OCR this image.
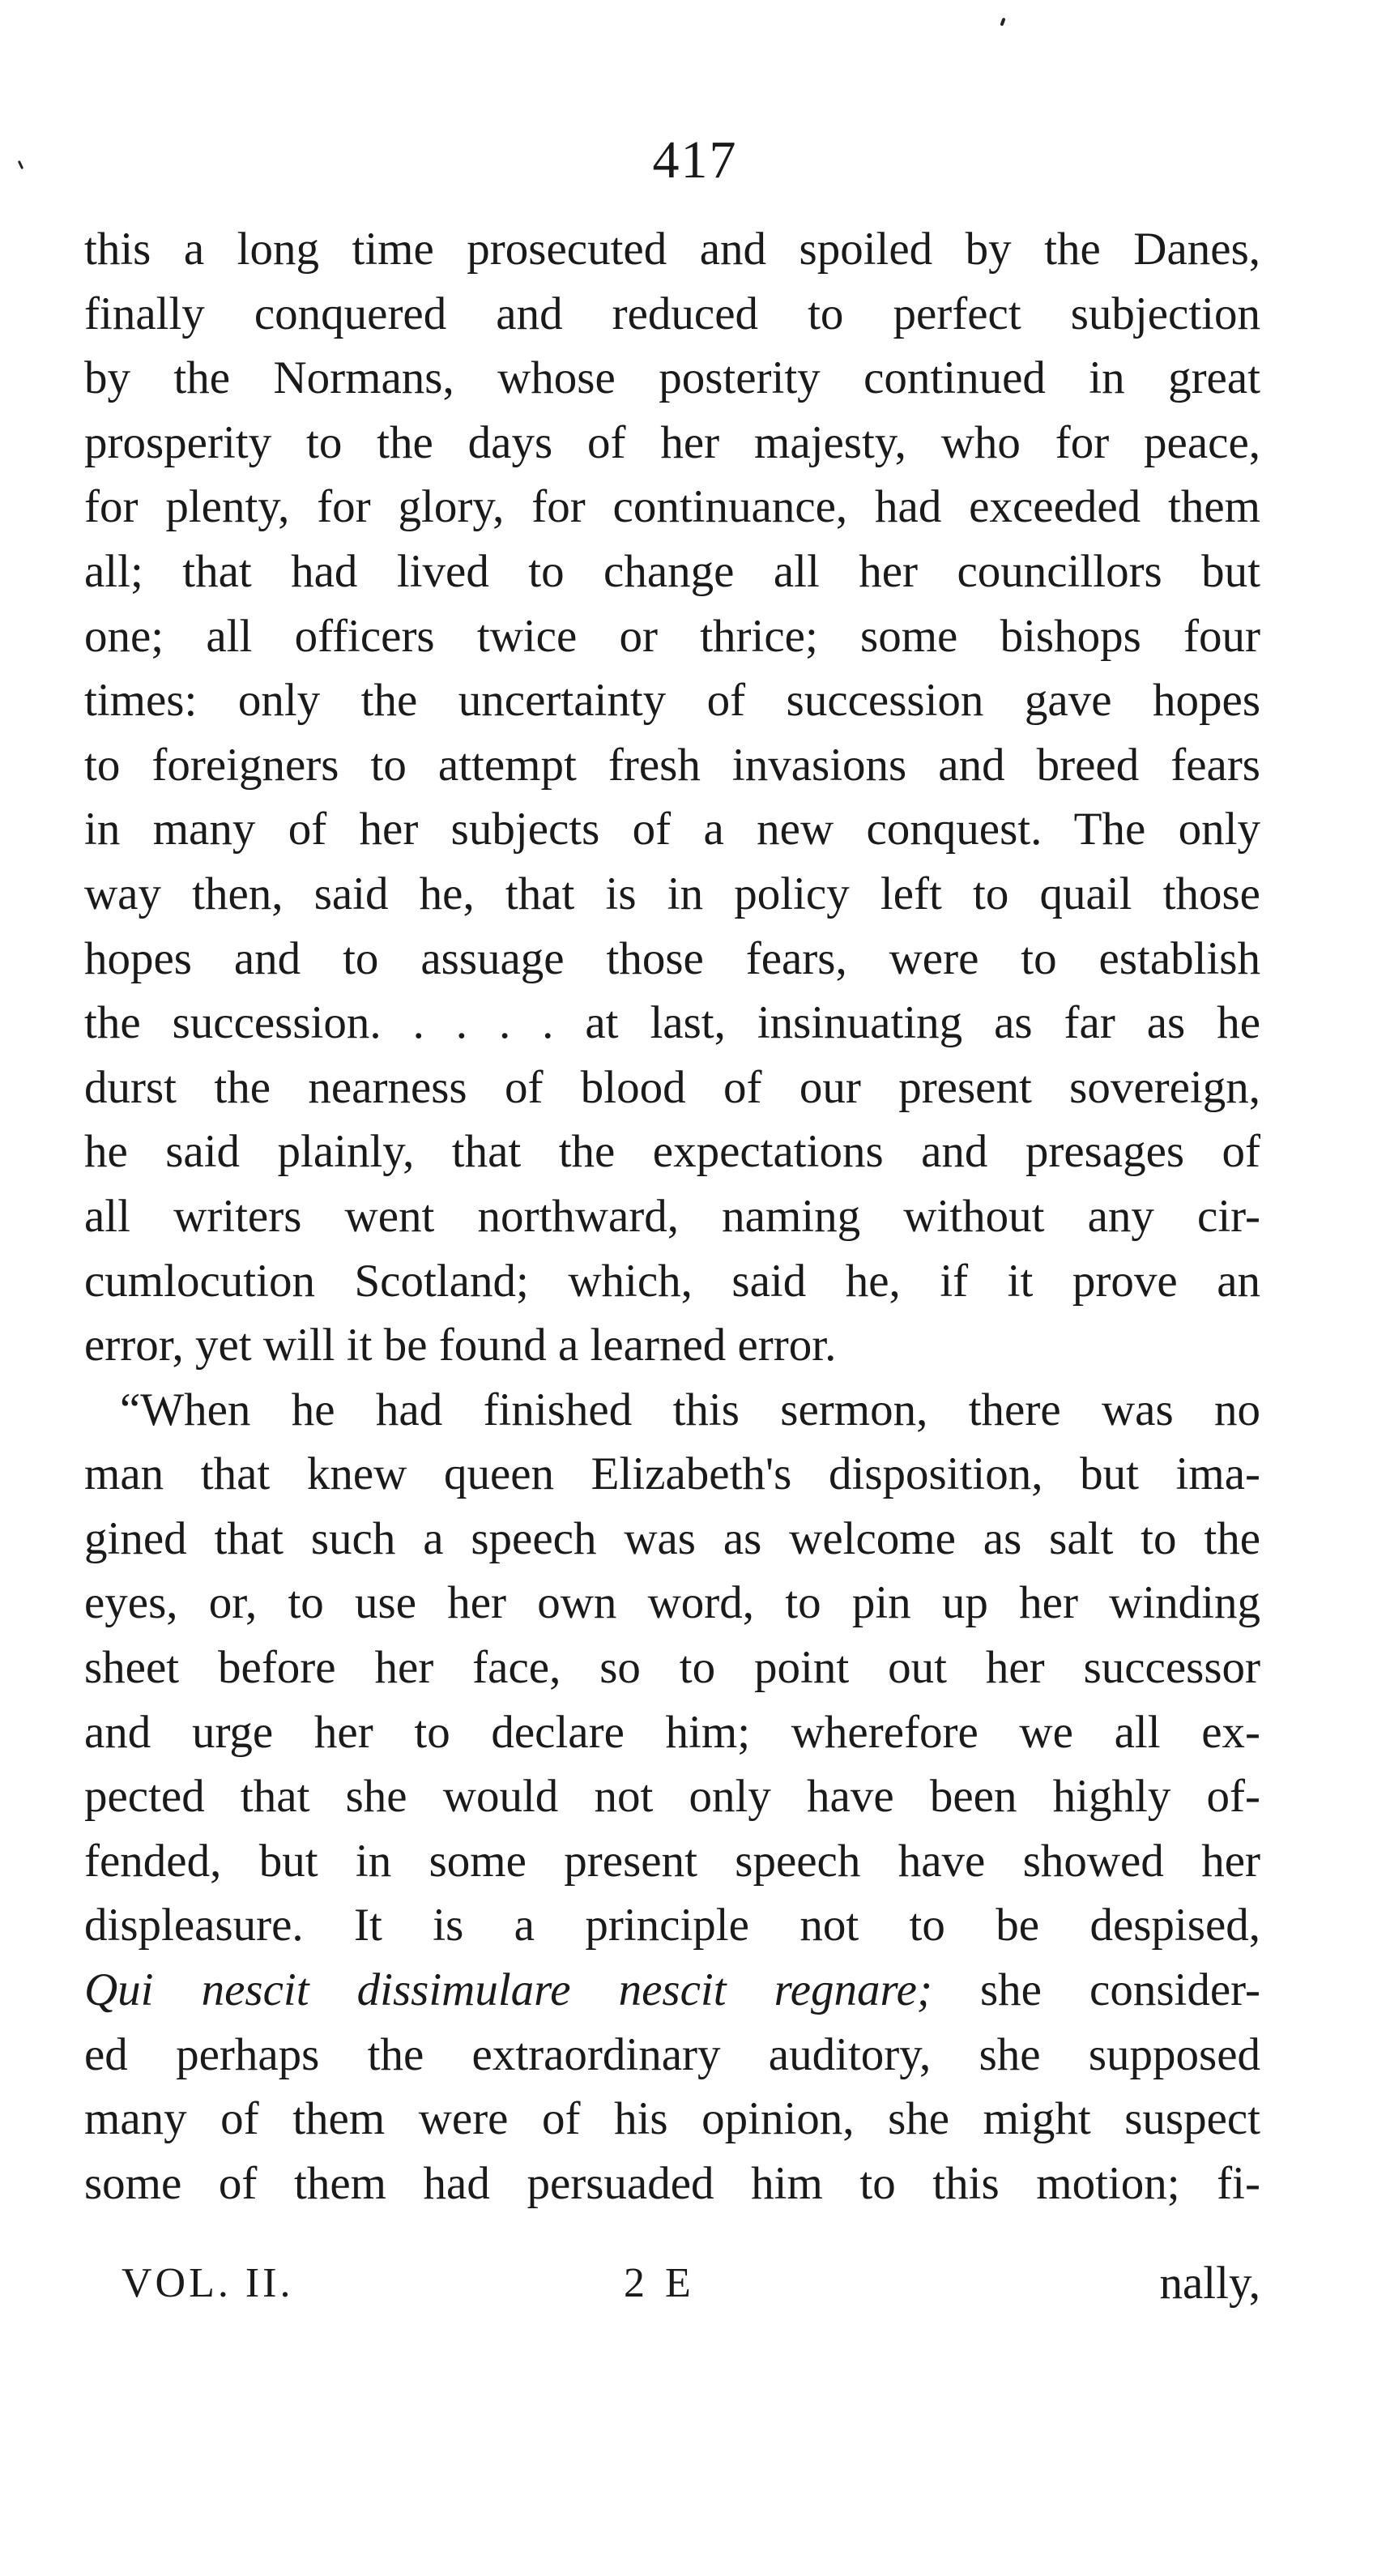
417
this a long time prosecuted and spoiled by the Danes,
finally conquered and reduced to perfect subjection
by the Normans, whose posterity continued in great
prosperity to the days of her majesty, who for peace,
for plenty, for glory, for continuance, had exceeded them
all; that had lived to change all her councillors but
one; all officers twice or thrice; some bishops four
times: only the uncertainty of succession gave hopes
to foreigners to attempt fresh invasions and breed fears
in many of her subjects of a new conquest. The only
way then, said he, that is in policy left to quail those
hopes and to assuage those fears, were to establish
the succession. . . . . at last, insinuating as far as he
durst the nearness of blood of our present sovereign,
he said plainly, that the expectations and presages of
all writers went northward, naming without any cir-
cumlocution Scotland; which, said he, if it prove an
error, yet will it be found a learned error.
“When he had finished this sermon, there was no
man that knew queen Elizabeth's disposition, but ima-
gined that such a speech was as welcome as salt to the
eyes, or, to use her own word, to pin up her winding
sheet before her face, so to point out her successor
and urge her to declare him; wherefore we all ex-
pected that she would not only have been highly of-
fended, but in some present speech have showed her
displeasure. It is a principle not to be despised,
Qui nescit dissimulare nescit regnare; she consider-
ed perhaps the extraordinary auditory, she supposed
many of them were of his opinion, she might suspect
some of them had persuaded him to this motion; fi-
VOL. II.	2 E	nally,
